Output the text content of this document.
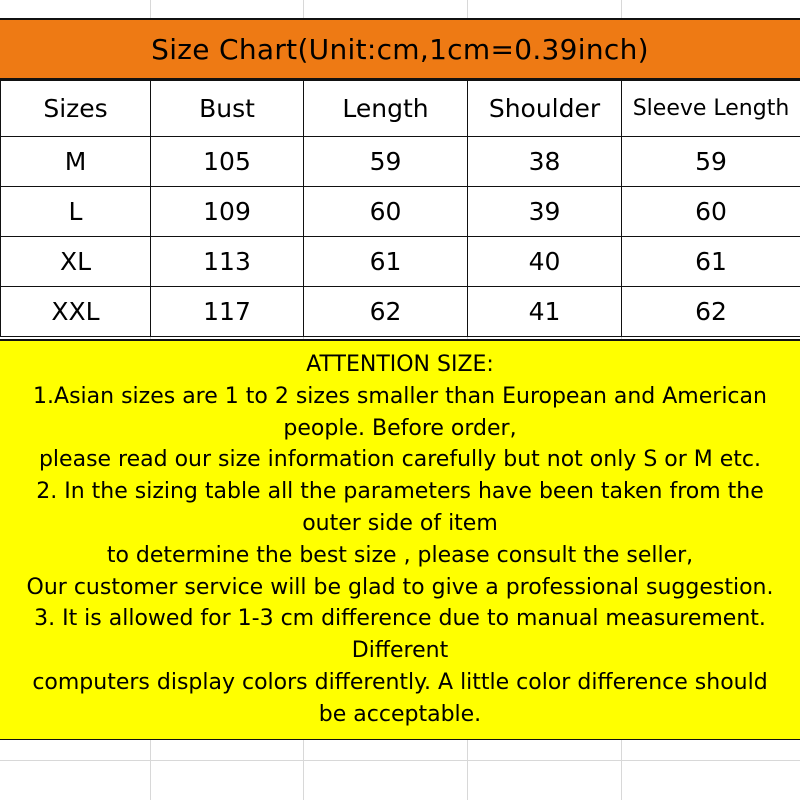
Size Chart(Unit:cm,1cm=0.39inch)
Sizes	Bust	Length	Shoulder	Sleeve Length
M	105	59	38	59
L	109	60	39	60
XL	113	61	40	61
XXL	117	62	41	62
ATTENTION SIZE:
1.Asian sizes are 1 to 2 sizes smaller than European and American
people. Before order,
please read our size information carefully but not only S or M etc.
2. In the sizing table all the parameters have been taken from the
outer side of item
to determine the best size , please consult the seller,
Our customer service will be glad to give a professional suggestion.
3. It is allowed for 1-3 cm difference due to manual measurement.
Different
computers display colors differently. A little color difference should
be acceptable.
